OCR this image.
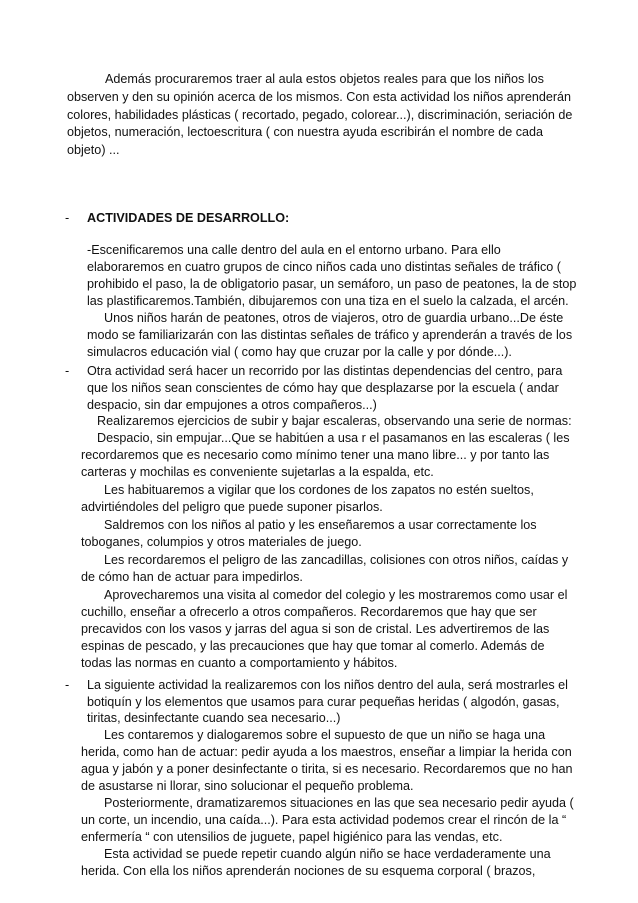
Además procuraremos traer al aula estos objetos reales para que los niños los
observen y den su opinión acerca de los mismos. Con esta actividad los niños aprenderán
colores, habilidades plásticas ( recortado, pegado, colorear...), discriminación, seriación de
objetos, numeración, lectoescritura ( con nuestra ayuda escribirán el nombre de cada
objeto) ...
- ACTIVIDADES DE DESARROLLO:
-Escenificaremos una calle dentro del aula en el entorno urbano. Para ello
elaboraremos en cuatro grupos de cinco niños cada uno distintas señales de tráfico (
prohibido el paso, la de obligatorio pasar, un semáforo, un paso de peatones, la de stop
las plastificaremos.También, dibujaremos con una tiza en el suelo la calzada, el arcén.
Unos niños harán de peatones, otros de viajeros, otro de guardia urbano...De éste
modo se familiarizarán con las distintas señales de tráfico y aprenderán a través de los
simulacros educación vial ( como hay que cruzar por la calle y por dónde...).
- Otra actividad será hacer un recorrido por las distintas dependencias del centro, para
que los niños sean conscientes de cómo hay que desplazarse por la escuela ( andar
despacio, sin dar empujones a otros compañeros...)
Realizaremos ejercicios de subir y bajar escaleras, observando una serie de normas:
Despacio, sin empujar...Que se habitúen a usa r el pasamanos en las escaleras ( les
recordaremos que es necesario como mínimo tener una mano libre... y por tanto las
carteras y mochilas es conveniente sujetarlas a la espalda, etc.
Les habituaremos a vigilar que los cordones de los zapatos no estén sueltos,
advirtiéndoles del peligro que puede suponer pisarlos.
Saldremos con los niños al patio y les enseñaremos a usar correctamente los
toboganes, columpios y otros materiales de juego.
Les recordaremos el peligro de las zancadillas, colisiones con otros niños, caídas y
de cómo han de actuar para impedirlos.
Aprovecharemos una visita al comedor del colegio y les mostraremos como usar el
cuchillo, enseñar a ofrecerlo a otros compañeros. Recordaremos que hay que ser
precavidos con los vasos y jarras del agua si son de cristal. Les advertiremos de las
espinas de pescado, y las precauciones que hay que tomar al comerlo. Además de
todas las normas en cuanto a comportamiento y hábitos.
- La siguiente actividad la realizaremos con los niños dentro del aula, será mostrarles el
botiquín y los elementos que usamos para curar pequeñas heridas ( algodón, gasas,
tiritas, desinfectante cuando sea necesario...)
Les contaremos y dialogaremos sobre el supuesto de que un niño se haga una
herida, como han de actuar: pedir ayuda a los maestros, enseñar a limpiar la herida con
agua y jabón y a poner desinfectante o tirita, si es necesario. Recordaremos que no han
de asustarse ni llorar, sino solucionar el pequeño problema.
Posteriormente, dramatizaremos situaciones en las que sea necesario pedir ayuda (
un corte, un incendio, una caída...). Para esta actividad podemos crear el rincón de la “
enfermería “ con utensilios de juguete, papel higiénico para las vendas, etc.
Esta actividad se puede repetir cuando algún niño se hace verdaderamente una
herida. Con ella los niños aprenderán nociones de su esquema corporal ( brazos,
